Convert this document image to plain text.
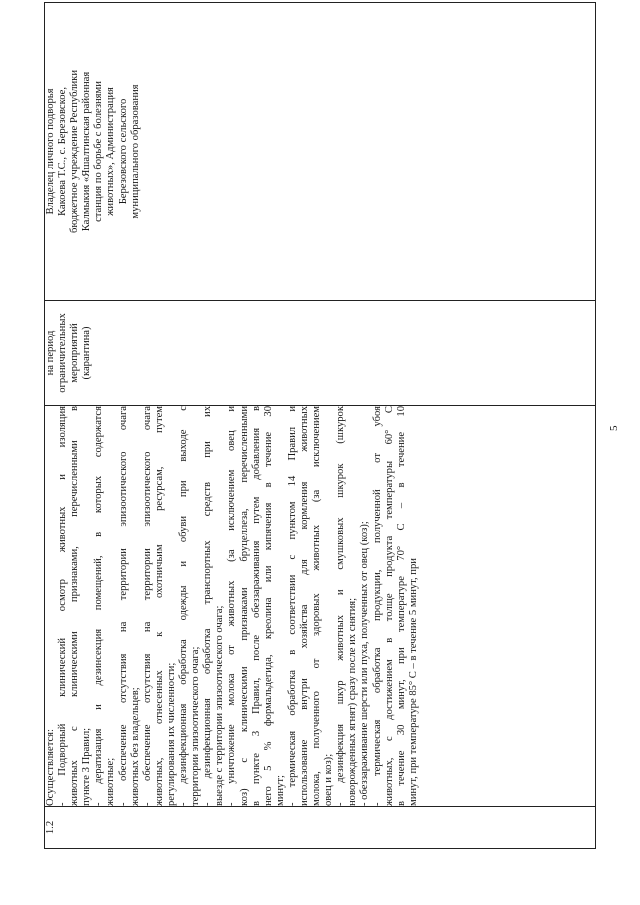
1.2	
Осуществляется: - Подворный клинический осмотр животных и изоляция животных с клиническими признаками, перечисленными в пункте 3 Правил; - дератизация и дезинсекция помещений, в которых содержатся животные; - обеспечение отсутствия на территории эпизоотического очага животных без владельцев; - обеспечение отсутствия на территории эпизоотического очага животных, отнесенных к охотничьим ресурсам, путем регулирования их численности; - дезинфекционная обработка одежды и обуви при выходе с территории эпизоотического очага; - дезинфекционная обработка транспортных средств при их выезде с территории эпизоотического очага; - уничтожение молока от животных (за исключением овец и коз) с клиническими признаками бруцеллеза, перечисленными в пункте 3 Правил, после обеззараживания путем добавления в него 5 % формальдегида, креолина или кипячения в течение 30 минут; - термическая обработка в соответствии с пунктом 14 Правил и использование внутри хозяйства для кормления животных молока, полученного от здоровых животных (за исключением овец и коз); - дезинфекция шкур животных и смушковых шкурок (шкурок новорожденных ягнят) сразу после их снятия; - обеззараживание шерсти или пуха, полученных от овец (коз); - термическая обработка продукции, полученной от убоя животных, с достижением в толще продукта температуры 60° С в течение 30 минут, при температуре 70° С – в течение 10 минут, при температуре 85° С – в течение 5 минут, при

на период ограничительных мероприятий (карантина)

Владелец личного подворья Какоева Т.С., с. Березовское, бюджетное учреждение Республики Калмыкия «Яшалтинская районная станция по борьбе с болезнями животных», Администрация Березовского сельского муниципального образования
5
